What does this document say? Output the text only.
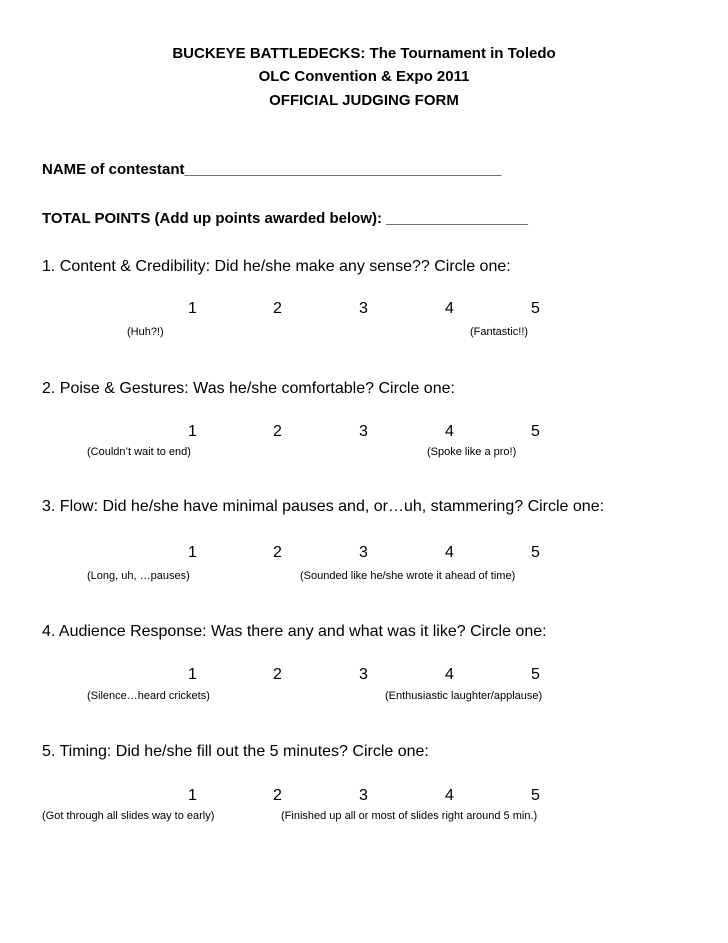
BUCKEYE BATTLEDECKS: The Tournament in Toledo

OLC Convention & Expo 2011

OFFICIAL JUDGING FORM

NAME of contestant______________________________________

TOTAL POINTS (Add up points awarded below): _________________

1. Content & Credibility: Did he/she make any sense?? Circle one:

1	2	3	4	5
(Huh?!)	(Fantastic!!)

2. Poise & Gestures: Was he/she comfortable? Circle one:

1	2	3	4	5
(Couldn’t wait to end)	(Spoke like a pro!)

3. Flow: Did he/she have minimal pauses and, or…uh, stammering? Circle one:

1	2	3	4	5
(Long, uh, …pauses)	(Sounded like he/she wrote it ahead of time)

4. Audience Response: Was there any and what was it like? Circle one:

1	2	3	4	5
(Silence…heard crickets)	(Enthusiastic laughter/applause)

5. Timing: Did he/she fill out the 5 minutes? Circle one:

1	2	3	4	5
(Got through all slides way to early)	(Finished up all or most of slides right around 5 min.)
